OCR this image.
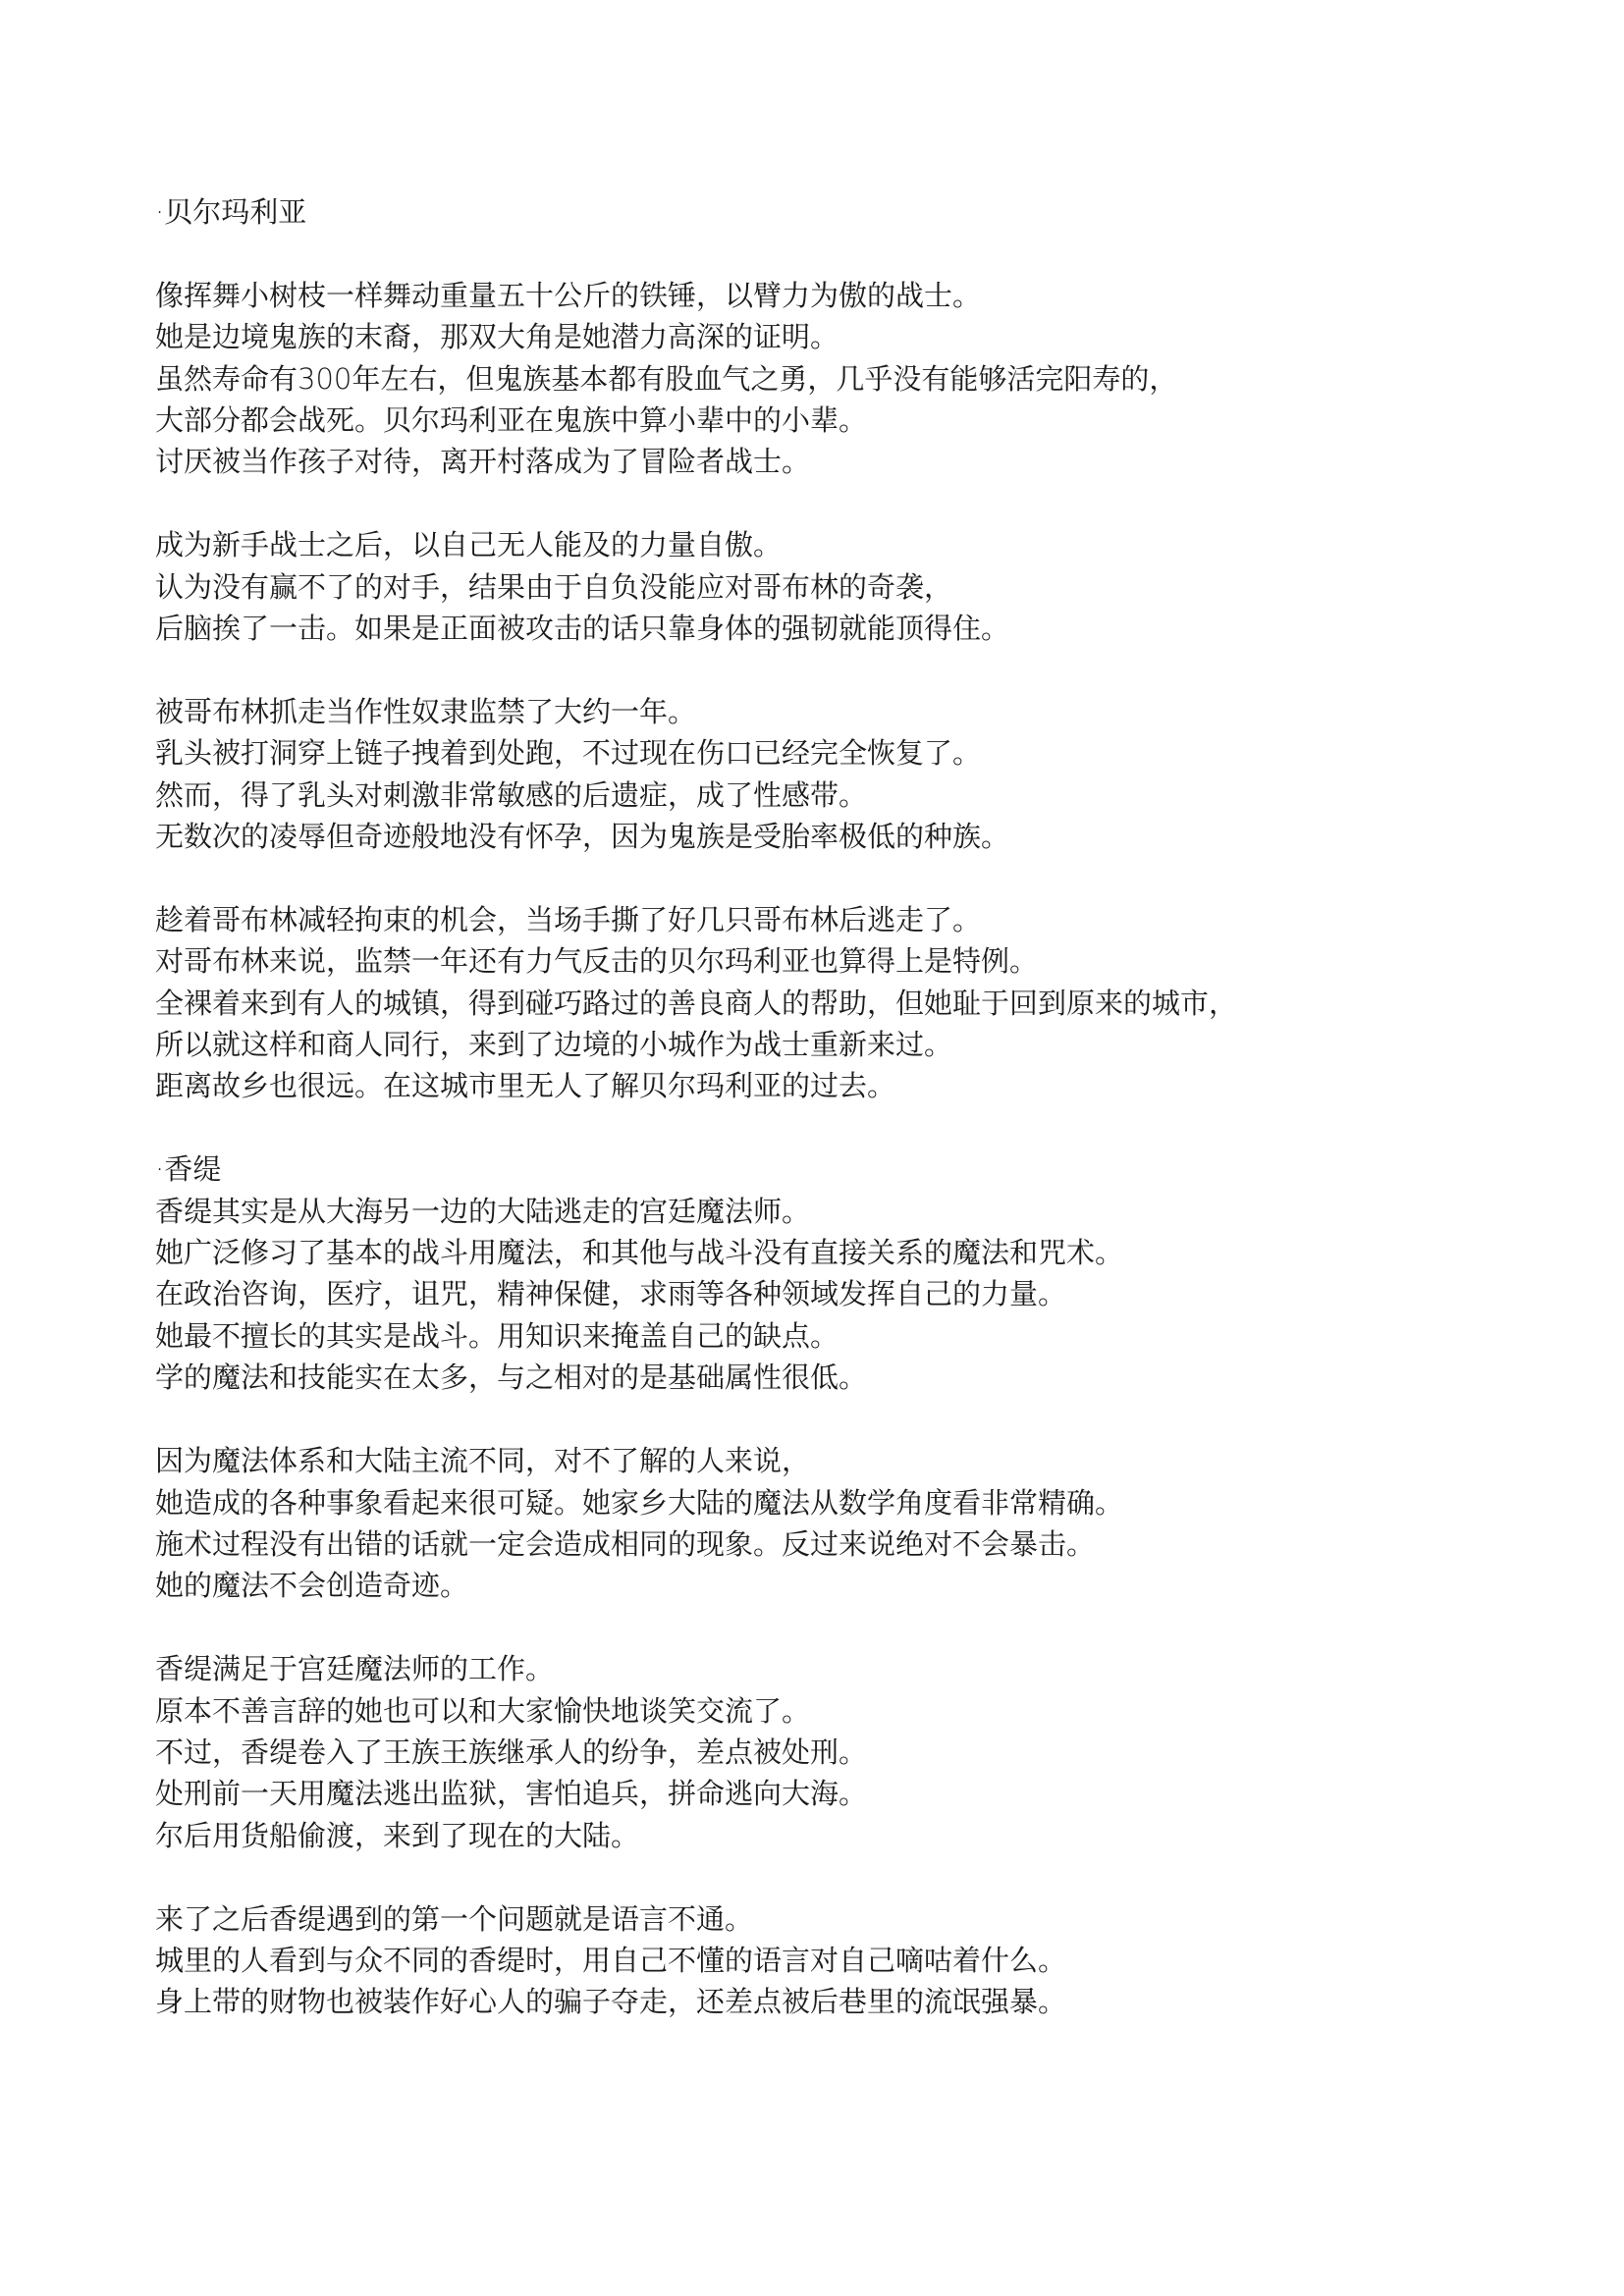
·贝尔玛利亚
像挥舞小树枝一样舞动重量五十公斤的铁锤，以臂力为傲的战士。
她是边境鬼族的末裔，那双大角是她潜力高深的证明。
虽然寿命有300年左右，但鬼族基本都有股血气之勇，几乎没有能够活完阳寿的，
大部分都会战死。贝尔玛利亚在鬼族中算小辈中的小辈。
讨厌被当作孩子对待，离开村落成为了冒险者战士。
成为新手战士之后，以自己无人能及的力量自傲。
认为没有赢不了的对手，结果由于自负没能应对哥布林的奇袭，
后脑挨了一击。如果是正面被攻击的话只靠身体的强韧就能顶得住。
被哥布林抓走当作性奴隶监禁了大约一年。
乳头被打洞穿上链子拽着到处跑，不过现在伤口已经完全恢复了。
然而，得了乳头对刺激非常敏感的后遗症，成了性感带。
无数次的凌辱但奇迹般地没有怀孕，因为鬼族是受胎率极低的种族。
趁着哥布林减轻拘束的机会，当场手撕了好几只哥布林后逃走了。
对哥布林来说，监禁一年还有力气反击的贝尔玛利亚也算得上是特例。
全裸着来到有人的城镇，得到碰巧路过的善良商人的帮助，但她耻于回到原来的城市，
所以就这样和商人同行，来到了边境的小城作为战士重新来过。
距离故乡也很远。在这城市里无人了解贝尔玛利亚的过去。
·香缇
香缇其实是从大海另一边的大陆逃走的宫廷魔法师。
她广泛修习了基本的战斗用魔法，和其他与战斗没有直接关系的魔法和咒术。
在政治咨询，医疗，诅咒，精神保健，求雨等各种领域发挥自己的力量。
她最不擅长的其实是战斗。用知识来掩盖自己的缺点。
学的魔法和技能实在太多，与之相对的是基础属性很低。
因为魔法体系和大陆主流不同，对不了解的人来说，
她造成的各种事象看起来很可疑。她家乡大陆的魔法从数学角度看非常精确。
施术过程没有出错的话就一定会造成相同的现象。反过来说绝对不会暴击。
她的魔法不会创造奇迹。
香缇满足于宫廷魔法师的工作。
原本不善言辞的她也可以和大家愉快地谈笑交流了。
不过，香缇卷入了王族王族继承人的纷争，差点被处刑。
处刑前一天用魔法逃出监狱，害怕追兵，拼命逃向大海。
尔后用货船偷渡，来到了现在的大陆。
来了之后香缇遇到的第一个问题就是语言不通。
城里的人看到与众不同的香缇时，用自己不懂的语言对自己嘀咕着什么。
身上带的财物也被装作好心人的骗子夺走，还差点被后巷里的流氓强暴。
